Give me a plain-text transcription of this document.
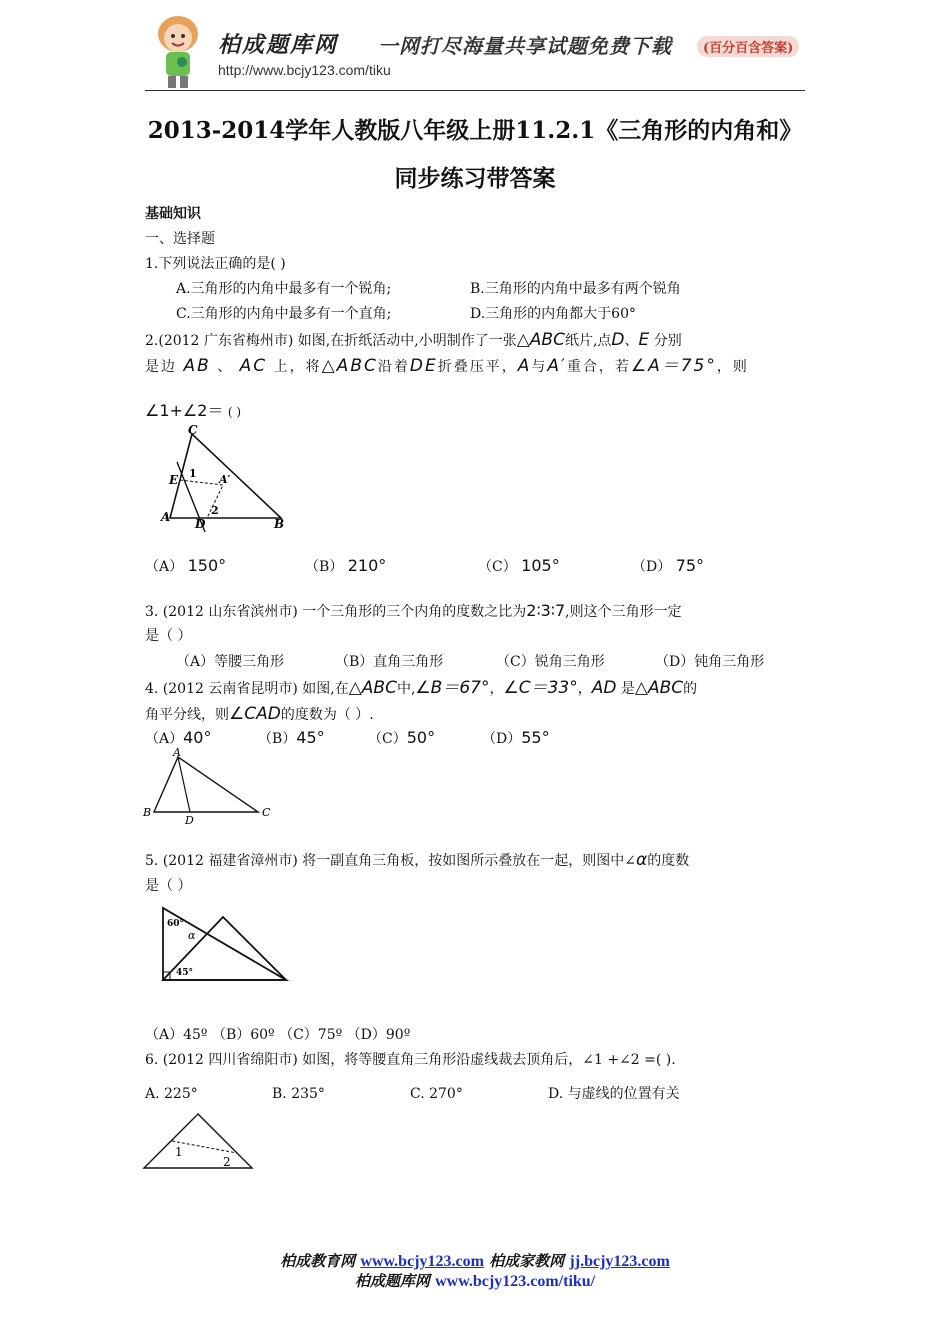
柏成题库网 一网打尽海量共享试题免费下载	(百分百含答案)
http://www.bcjy123.com/tiku
2013-2014学年人教版八年级上册11.2.1《三角形的内角和》
同步练习带答案
基础知识
一、选择题
1.下列说法正确的是( )
A.三角形的内角中最多有一个锐角;	B.三角形的内角中最多有两个锐角
C.三角形的内角中最多有一个直角;	D.三角形的内角都大于60°
2.(2012 广东省梅州市) 如图,在折纸活动中,小明制作了一张△ABC纸片,点D、E 分别
是边 AB 、 AC 上，将△ABC沿着DE折叠压平，A与A′重合，若∠A＝75°，则
∠1+∠2＝ ( )
C
E 1 A′
A D
2
B
（A） 150°	（B） 210°	（C） 105°	（D） 75°
3. (2012 山东省滨州市) 一个三角形的三个内角的度数之比为2∶3∶7,则这个三角形一定
是（ ）
（A）等腰三角形	（B）直角三角形	（C）锐角三角形	（D）钝角三角形
4. (2012 云南省昆明市) 如图,在△ABC中,∠B＝67°，∠C＝33°，AD 是△ABC的
角平分线，则∠CAD的度数为（ ）.
（A）40°	（B）45°	（C）50°	（D）55°
A
B
D
C
5. (2012 福建省漳州市) 将一副直角三角板，按如图所示叠放在一起，则图中∠α的度数
是（ ）
60°
α
45°
（A）45º （B）60º （C）75º （D）90º
6. (2012 四川省绵阳市) 如图，将等腰直角三角形沿虚线裁去顶角后，∠1 +∠2 =( ).
A. 225°	B. 235°	C. 270°	D. 与虚线的位置有关
1
2
柏成教育网 www.bcjy123.com 柏成家教网 jj.bcjy123.com
柏成题库网 www.bcjy123.com/tiku/
